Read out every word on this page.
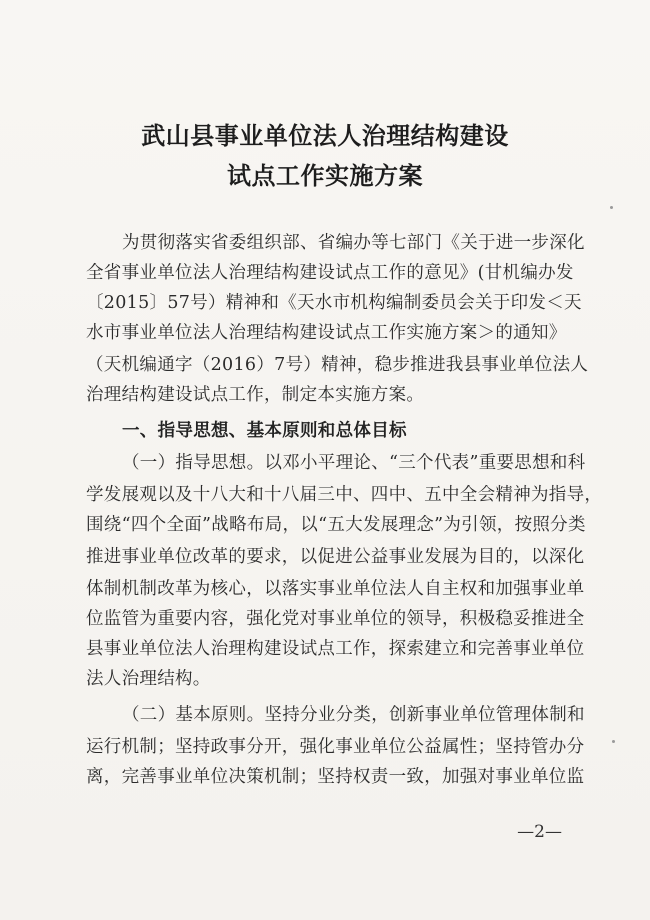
武山县事业单位法人治理结构建设
试点工作实施方案
为贯彻落实省委组织部、省编办等七部门《关于进一步深化
全省事业单位法人治理结构建设试点工作的意见》(甘机编办发
〔2015〕57号）精神和《天水市机构编制委员会关于印发＜天
水市事业单位法人治理结构建设试点工作实施方案＞的通知》
（天机编通字（2016）7号）精神，稳步推进我县事业单位法人
治理结构建设试点工作，制定本实施方案。
一、指导思想、基本原则和总体目标
（一）指导思想。以邓小平理论、“三个代表”重要思想和科
学发展观以及十八大和十八届三中、四中、五中全会精神为指导，
围绕“四个全面”战略布局，以“五大发展理念”为引领，按照分类
推进事业单位改革的要求，以促进公益事业发展为目的，以深化
体制机制改革为核心，以落实事业单位法人自主权和加强事业单
位监管为重要内容，强化党对事业单位的领导，积极稳妥推进全
县事业单位法人治理构建设试点工作，探索建立和完善事业单位
法人治理结构。
（二）基本原则。坚持分业分类，创新事业单位管理体制和
运行机制；坚持政事分开，强化事业单位公益属性；坚持管办分
离，完善事业单位决策机制；坚持权责一致，加强对事业单位监
—2—
